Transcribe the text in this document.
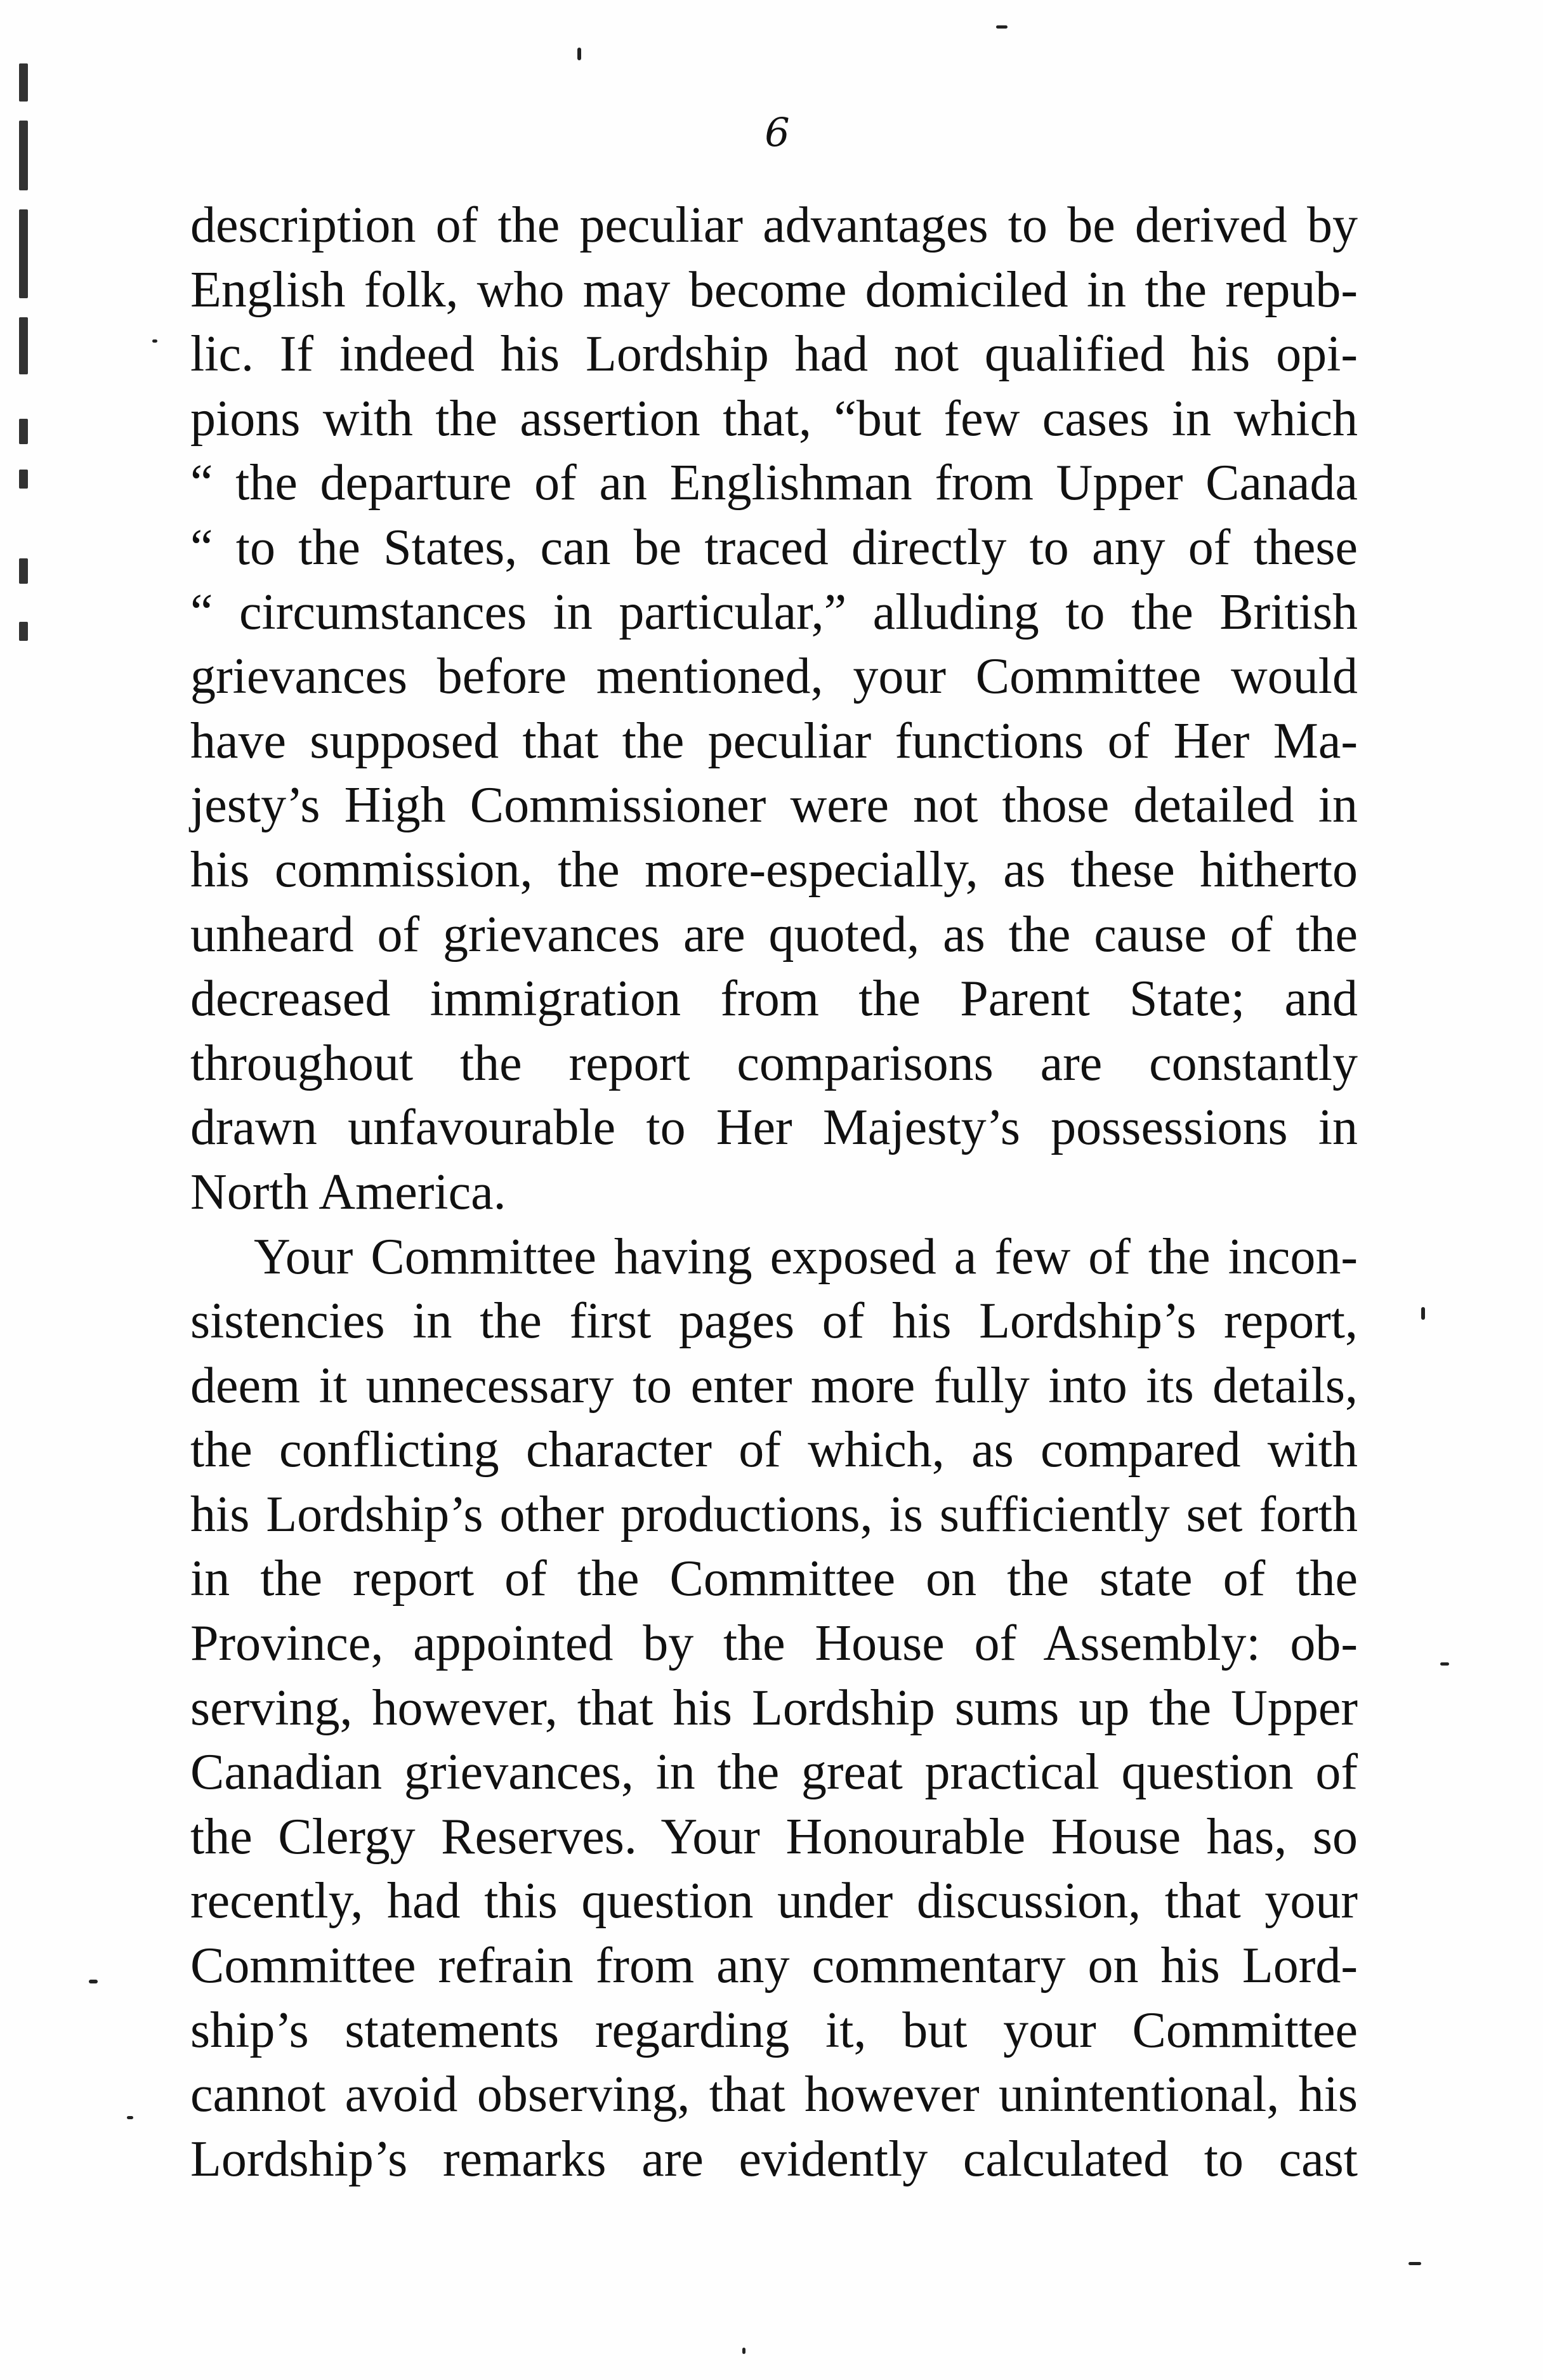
6
description of the peculiar advantages to be derived by
English folk, who may become domiciled in the repub-
lic. If indeed his Lordship had not qualified his opi-
pions with the assertion that, “but few cases in which
“ the departure of an Englishman from Upper Canada
“ to the States, can be traced directly to any of these
“ circumstances in particular,” alluding to the British
grievances before mentioned, your Committee would
have supposed that the peculiar functions of Her Ma-
jesty’s High Commissioner were not those detailed in
his commission, the more-especially, as these hitherto
unheard of grievances are quoted, as the cause of the
decreased immigration from the Parent State; and
throughout the report comparisons are constantly
drawn unfavourable to Her Majesty’s possessions in
North America.
Your Committee having exposed a few of the incon-
sistencies in the first pages of his Lordship’s report,
deem it unnecessary to enter more fully into its details,
the conflicting character of which, as compared with
his Lordship’s other productions, is sufficiently set forth
in the report of the Committee on the state of the
Province, appointed by the House of Assembly: ob-
serving, however, that his Lordship sums up the Upper
Canadian grievances, in the great practical question of
the Clergy Reserves. Your Honourable House has, so
recently, had this question under discussion, that your
Committee refrain from any commentary on his Lord-
ship’s statements regarding it, but your Committee
cannot avoid observing, that however unintentional, his
Lordship’s remarks are evidently calculated to cast
